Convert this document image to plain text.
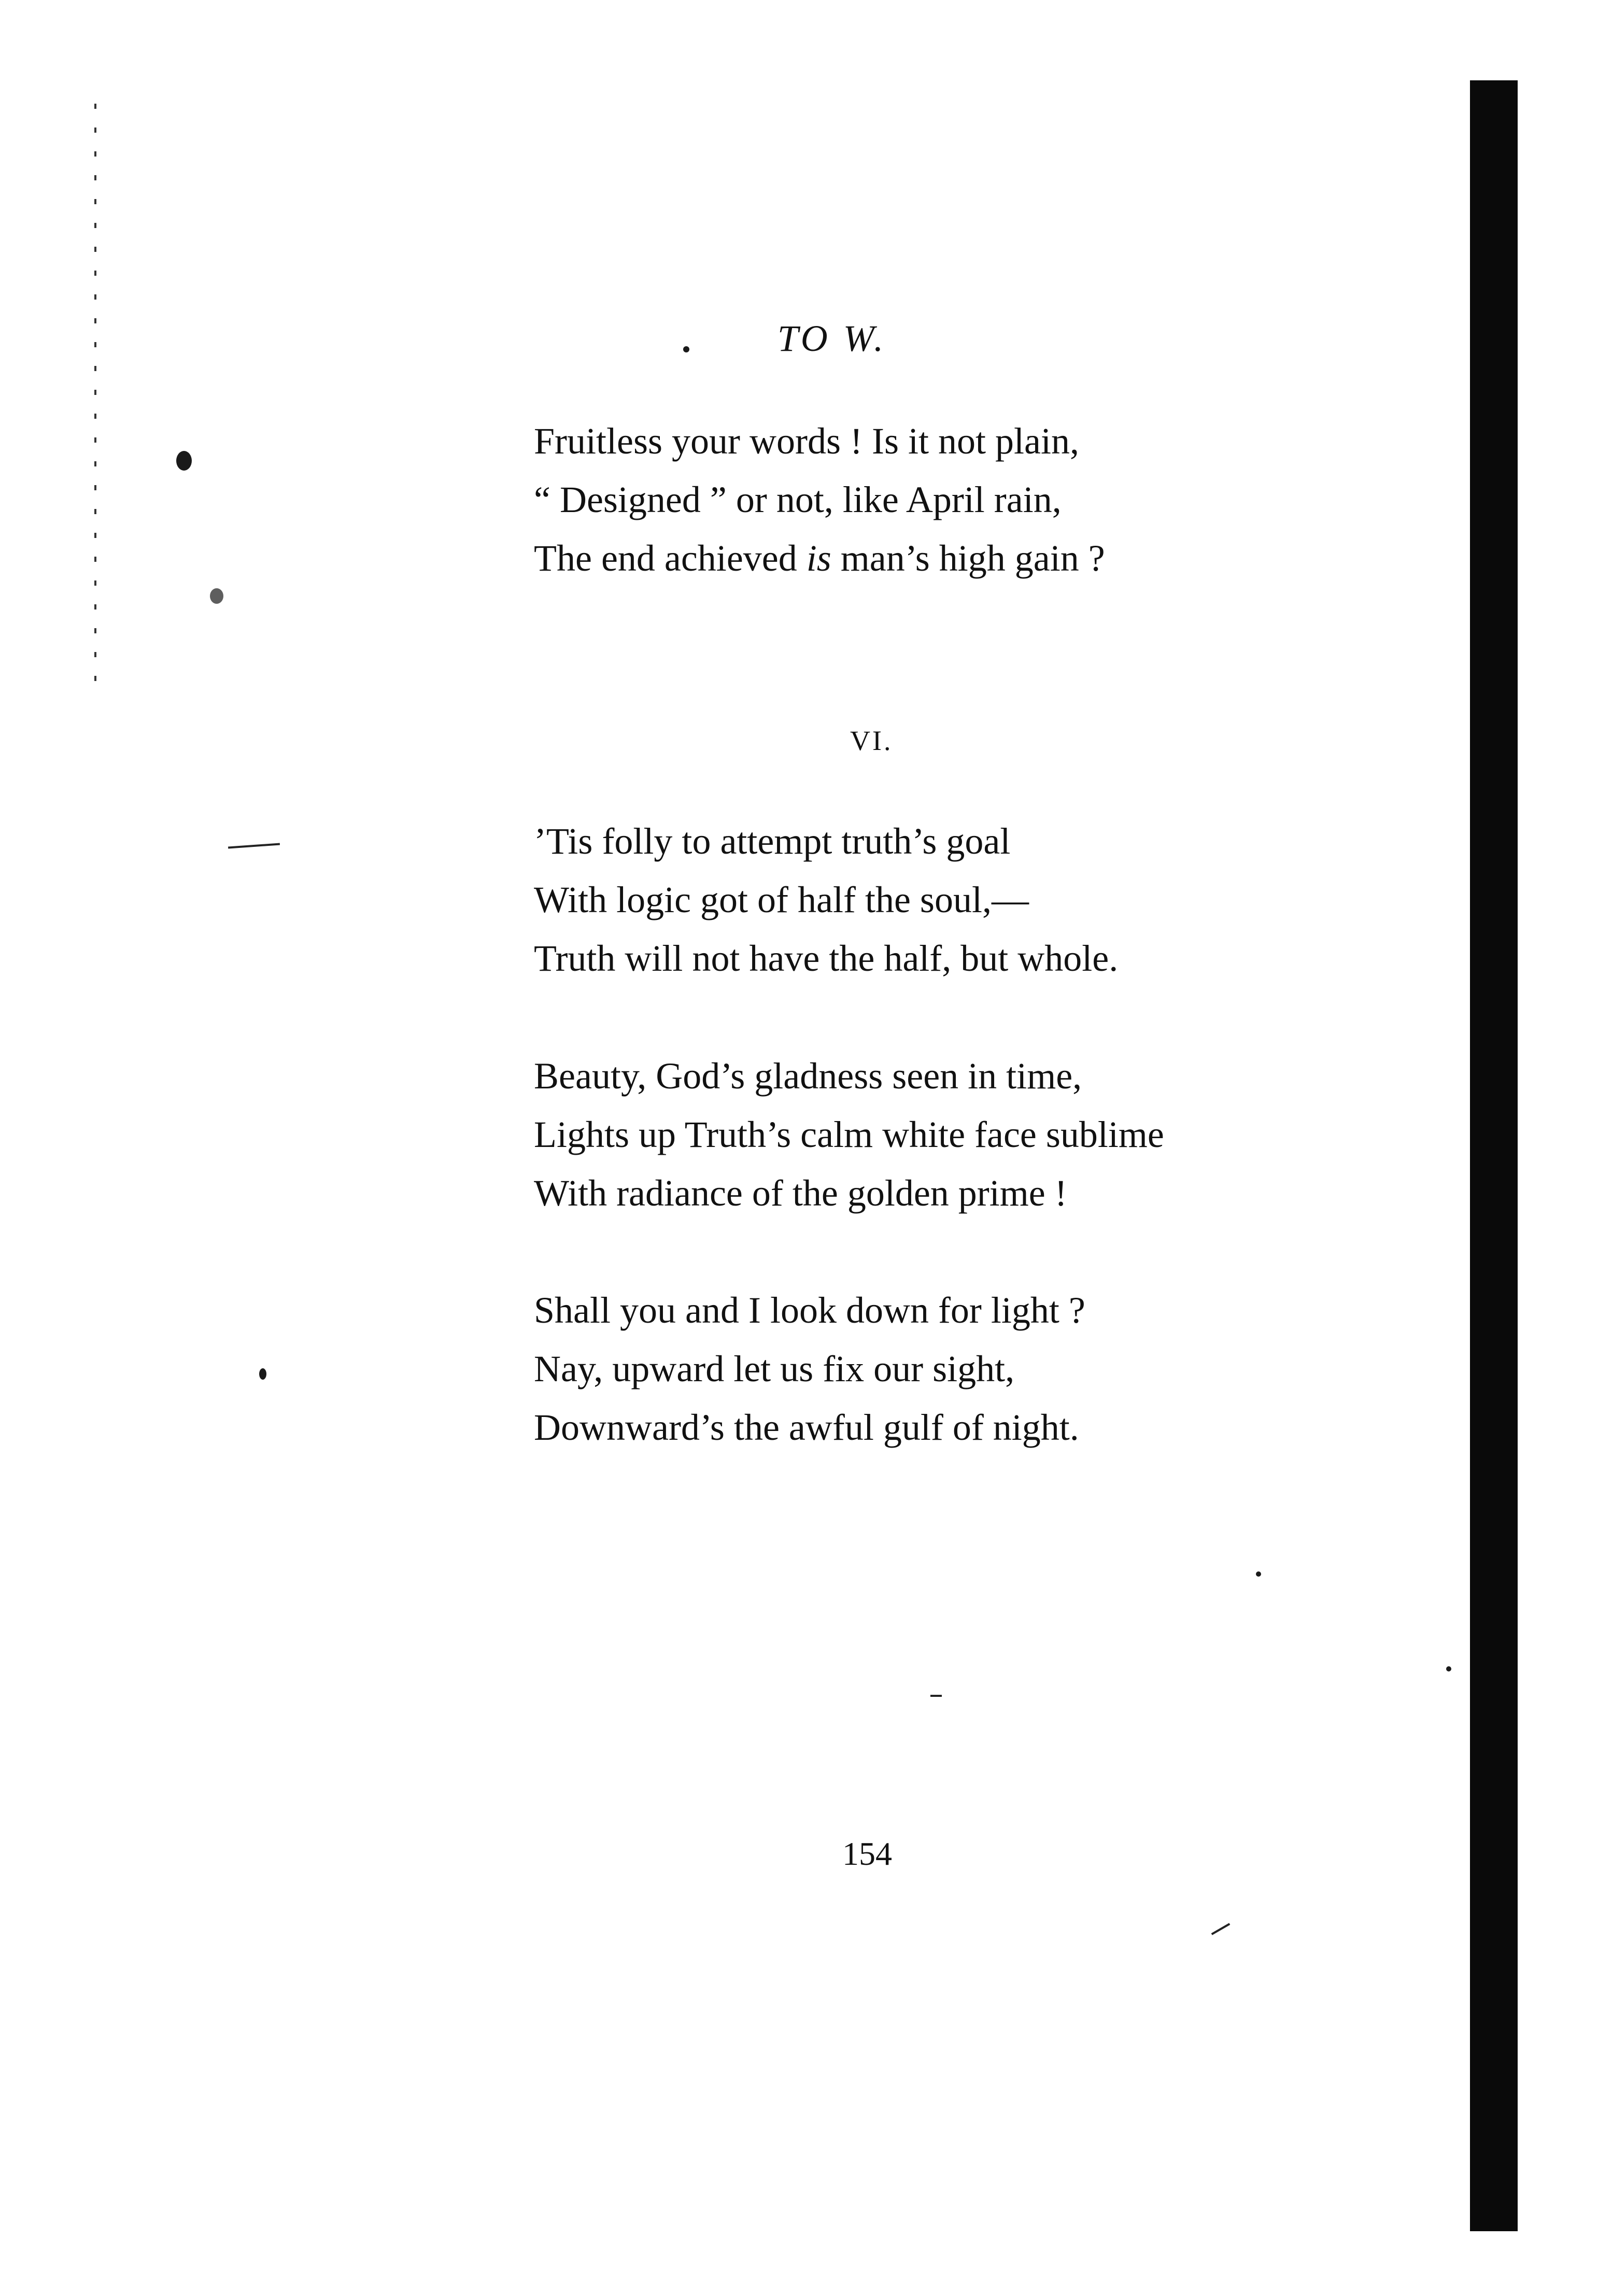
TO W.
Fruitless your words ! Is it not plain,
“ Designed ” or not, like April rain,
The end achieved is man’s high gain ?
VI.
’Tis folly to attempt truth’s goal
With logic got of half the soul,—
Truth will not have the half, but whole.
Beauty, God’s gladness seen in time,
Lights up Truth’s calm white face sublime
With radiance of the golden prime !
Shall you and I look down for light ?
Nay, upward let us fix our sight,
Downward’s the awful gulf of night.
154
